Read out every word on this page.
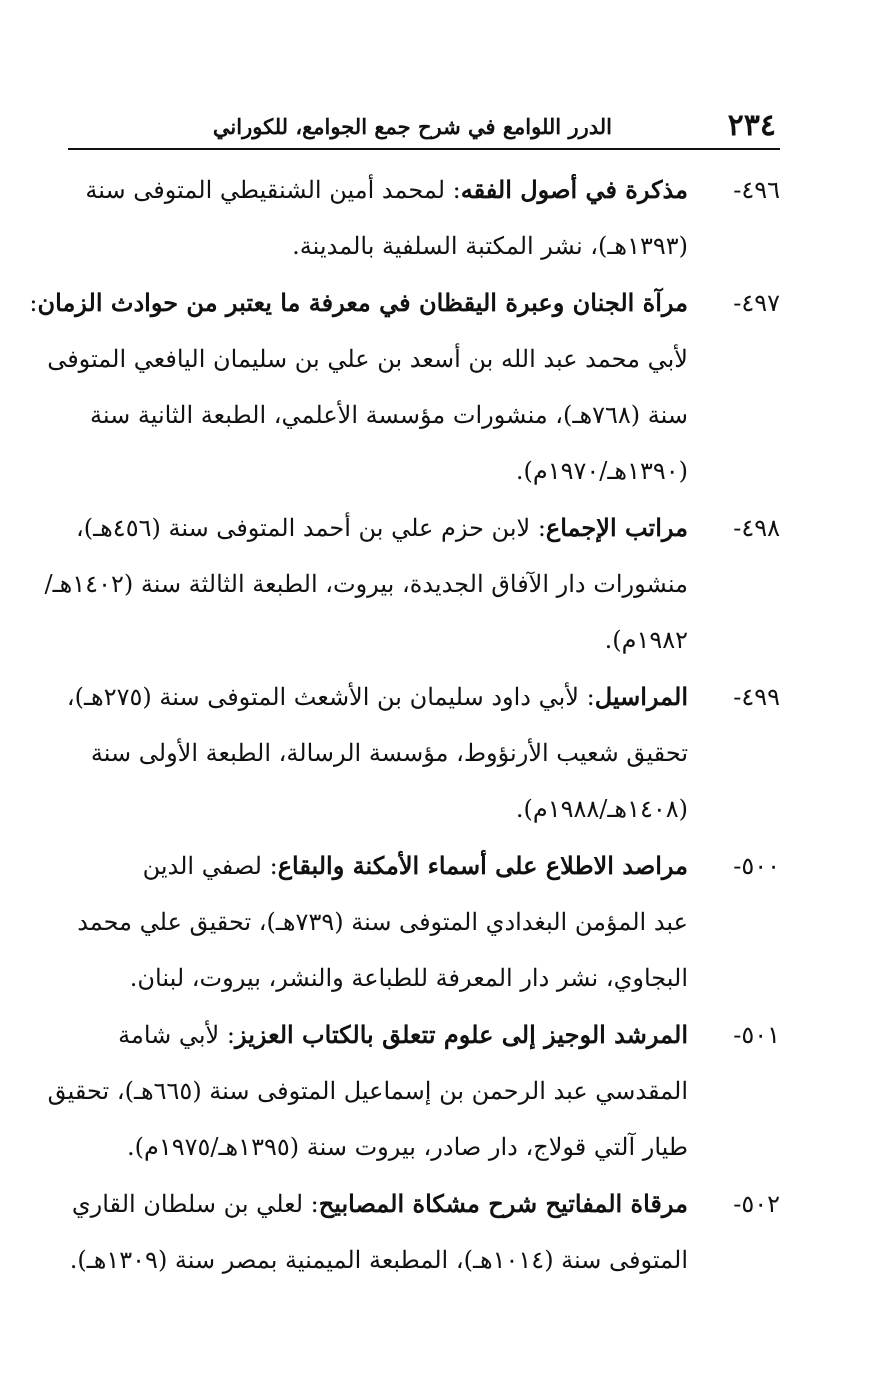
٢٣٤
الدرر اللوامع في شرح جمع الجوامع، للكوراني
٤٩٦-مذكرة في أصول الفقه: لمحمد أمين الشنقيطي المتوفى سنة
(١٣٩٣هـ)، نشر المكتبة السلفية بالمدينة.
٤٩٧-مرآة الجنان وعبرة اليقظان في معرفة ما يعتبر من حوادث الزمان:
لأبي محمد عبد الله بن أسعد بن علي بن سليمان اليافعي المتوفى
سنة (٧٦٨هـ)، منشورات مؤسسة الأعلمي، الطبعة الثانية سنة
(١٣٩٠هـ/١٩٧٠م).
٤٩٨-مراتب الإجماع: لابن حزم علي بن أحمد المتوفى سنة (٤٥٦هـ)،
منشورات دار الآفاق الجديدة، بيروت، الطبعة الثالثة سنة (١٤٠٢هـ/
١٩٨٢م).
٤٩٩-المراسيل: لأبي داود سليمان بن الأشعث المتوفى سنة (٢٧٥هـ)،
تحقيق شعيب الأرنؤوط، مؤسسة الرسالة، الطبعة الأولى سنة
(١٤٠٨هـ/١٩٨٨م).
٥٠٠-مراصد الاطلاع على أسماء الأمكنة والبقاع: لصفي الدين
عبد المؤمن البغدادي المتوفى سنة (٧٣٩هـ)، تحقيق علي محمد
البجاوي، نشر دار المعرفة للطباعة والنشر، بيروت، لبنان.
٥٠١-المرشد الوجيز إلى علوم تتعلق بالكتاب العزيز: لأبي شامة
المقدسي عبد الرحمن بن إسماعيل المتوفى سنة (٦٦٥هـ)، تحقيق
طيار آلتي قولاج، دار صادر، بيروت سنة (١٣٩٥هـ/١٩٧٥م).
٥٠٢-مرقاة المفاتيح شرح مشكاة المصابيح: لعلي بن سلطان القاري
المتوفى سنة (١٠١٤هـ)، المطبعة الميمنية بمصر سنة (١٣٠٩هـ).
